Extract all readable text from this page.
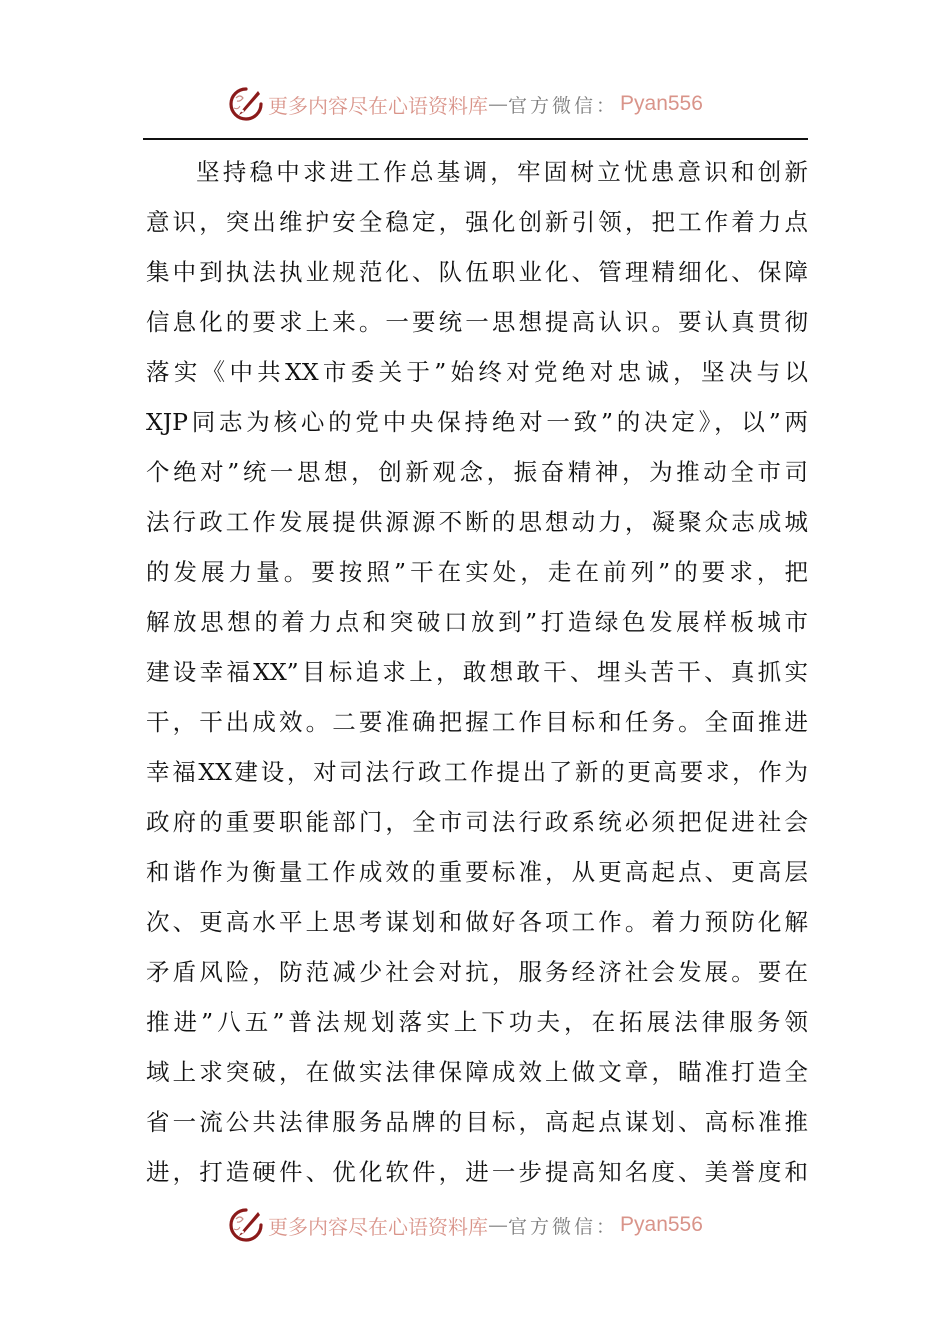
更多内容尽在心语资料库 — 官方微信： Pyan556
坚持稳中求进工作总基调，牢固树立忧患意识和创新
意识，突出维护安全稳定，强化创新引领，把工作着力点
集中到执法执业规范化、队伍职业化、管理精细化、保障
信息化的要求上来。一要统一思想提高认识。要认真贯彻
落实《中共XX市委关于”始终对党绝对忠诚，坚决与以
XJP同志为核心的党中央保持绝对一致”的决定》，以”两
个绝对”统一思想，创新观念，振奋精神，为推动全市司
法行政工作发展提供源源不断的思想动力，凝聚众志成城
的发展力量。要按照”干在实处，走在前列”的要求，把
解放思想的着力点和突破口放到”打造绿色发展样板城市
建设幸福XX”目标追求上，敢想敢干、埋头苦干、真抓实
干，干出成效。二要准确把握工作目标和任务。全面推进
幸福XX建设，对司法行政工作提出了新的更高要求，作为
政府的重要职能部门，全市司法行政系统必须把促进社会
和谐作为衡量工作成效的重要标准，从更高起点、更高层
次、更高水平上思考谋划和做好各项工作。着力预防化解
矛盾风险，防范减少社会对抗，服务经济社会发展。要在
推进”八五”普法规划落实上下功夫，在拓展法律服务领
域上求突破，在做实法律保障成效上做文章，瞄准打造全
省一流公共法律服务品牌的目标，高起点谋划、高标准推
进，打造硬件、优化软件，进一步提高知名度、美誉度和
更多内容尽在心语资料库 — 官方微信： Pyan556
